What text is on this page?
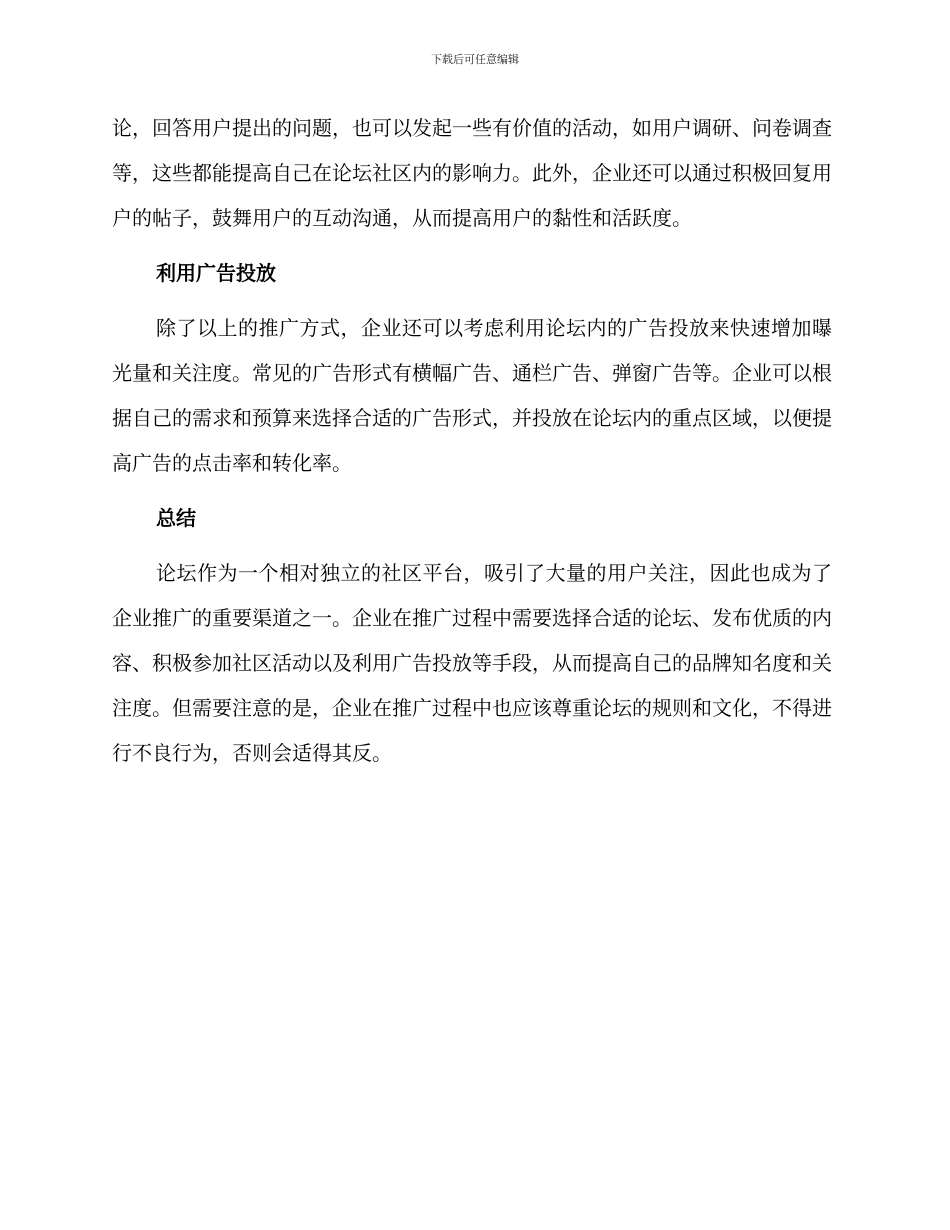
下载后可任意编辑

论，回答用户提出的问题，也可以发起一些有价值的活动，如用户调研、问卷调查等，这些都能提高自己在论坛社区内的影响力。此外，企业还可以通过积极回复用户的帖子，鼓舞用户的互动沟通，从而提高用户的黏性和活跃度。

利用广告投放

除了以上的推广方式，企业还可以考虑利用论坛内的广告投放来快速增加曝光量和关注度。常见的广告形式有横幅广告、通栏广告、弹窗广告等。企业可以根据自己的需求和预算来选择合适的广告形式，并投放在论坛内的重点区域，以便提高广告的点击率和转化率。

总结

论坛作为一个相对独立的社区平台，吸引了大量的用户关注，因此也成为了企业推广的重要渠道之一。企业在推广过程中需要选择合适的论坛、发布优质的内容、积极参加社区活动以及利用广告投放等手段，从而提高自己的品牌知名度和关注度。但需要注意的是，企业在推广过程中也应该尊重论坛的规则和文化，不得进行不良行为，否则会适得其反。
